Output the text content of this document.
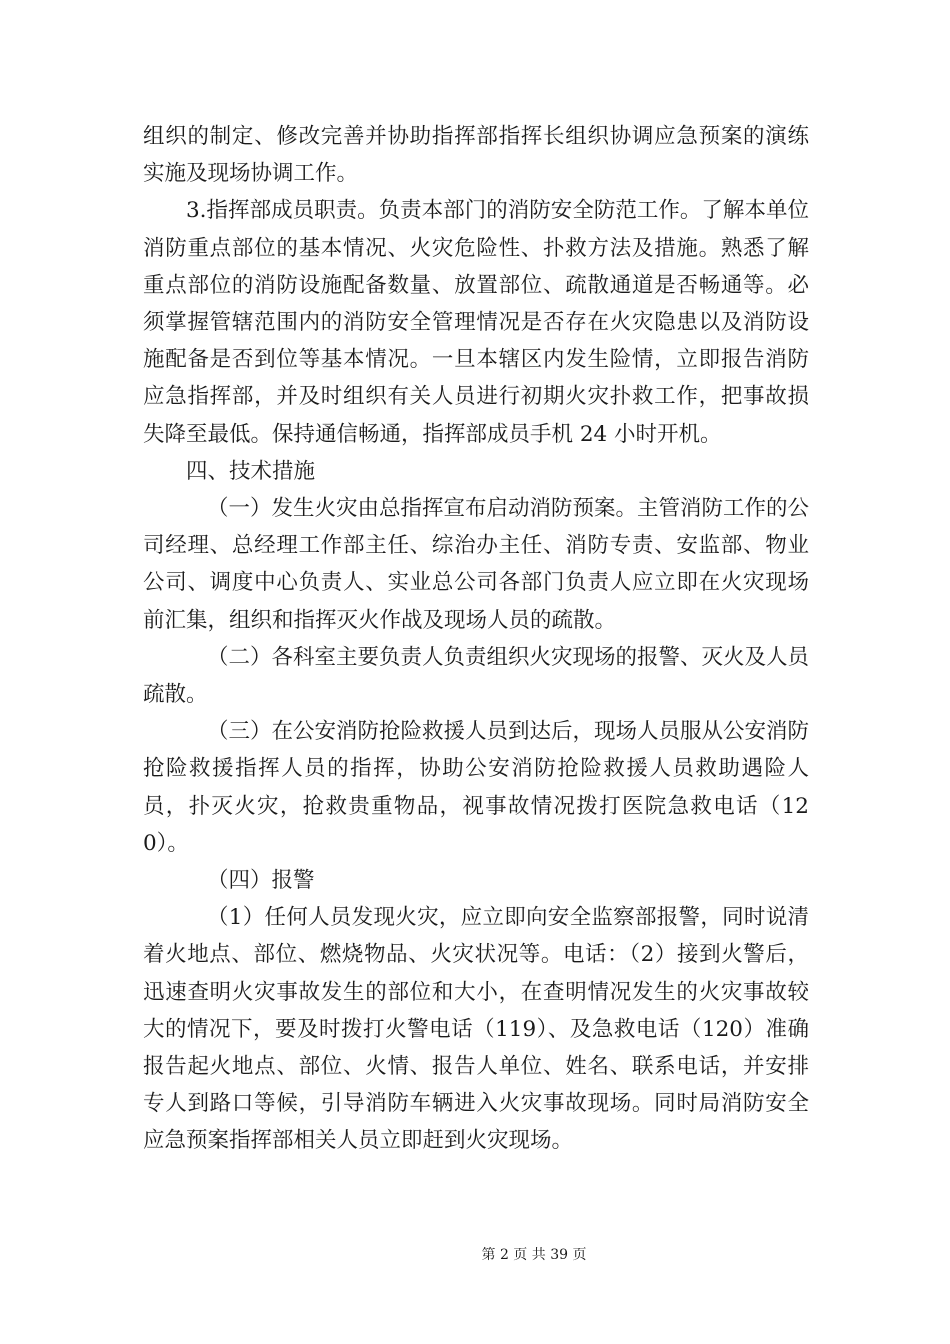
组织的制定、修改完善并协助指挥部指挥长组织协调应急预案的演练实施及现场协调工作。

3.指挥部成员职责。负责本部门的消防安全防范工作。了解本单位消防重点部位的基本情况、火灾危险性、扑救方法及措施。熟悉了解重点部位的消防设施配备数量、放置部位、疏散通道是否畅通等。必须掌握管辖范围内的消防安全管理情况是否存在火灾隐患以及消防设施配备是否到位等基本情况。一旦本辖区内发生险情，立即报告消防应急指挥部，并及时组织有关人员进行初期火灾扑救工作，把事故损失降至最低。保持通信畅通，指挥部成员手机 24 小时开机。

四、技术措施

（一）发生火灾由总指挥宣布启动消防预案。主管消防工作的公司经理、总经理工作部主任、综治办主任、消防专责、安监部、物业公司、调度中心负责人、实业总公司各部门负责人应立即在火灾现场前汇集，组织和指挥灭火作战及现场人员的疏散。

（二）各科室主要负责人负责组织火灾现场的报警、灭火及人员疏散。

（三）在公安消防抢险救援人员到达后，现场人员服从公安消防抢险救援指挥人员的指挥，协助公安消防抢险救援人员救助遇险人员，扑灭火灾，抢救贵重物品，视事故情况拨打医院急救电话（120）。

（四）报警

（1）任何人员发现火灾，应立即向安全监察部报警，同时说清着火地点、部位、燃烧物品、火灾状况等。电话：（2）接到火警后，迅速查明火灾事故发生的部位和大小，在查明情况发生的火灾事故较大的情况下，要及时拨打火警电话（119）、及急救电话（120）准确报告起火地点、部位、火情、报告人单位、姓名、联系电话，并安排专人到路口等候，引导消防车辆进入火灾事故现场。同时局消防安全应急预案指挥部相关人员立即赶到火灾现场。

第 2 页 共 39 页
